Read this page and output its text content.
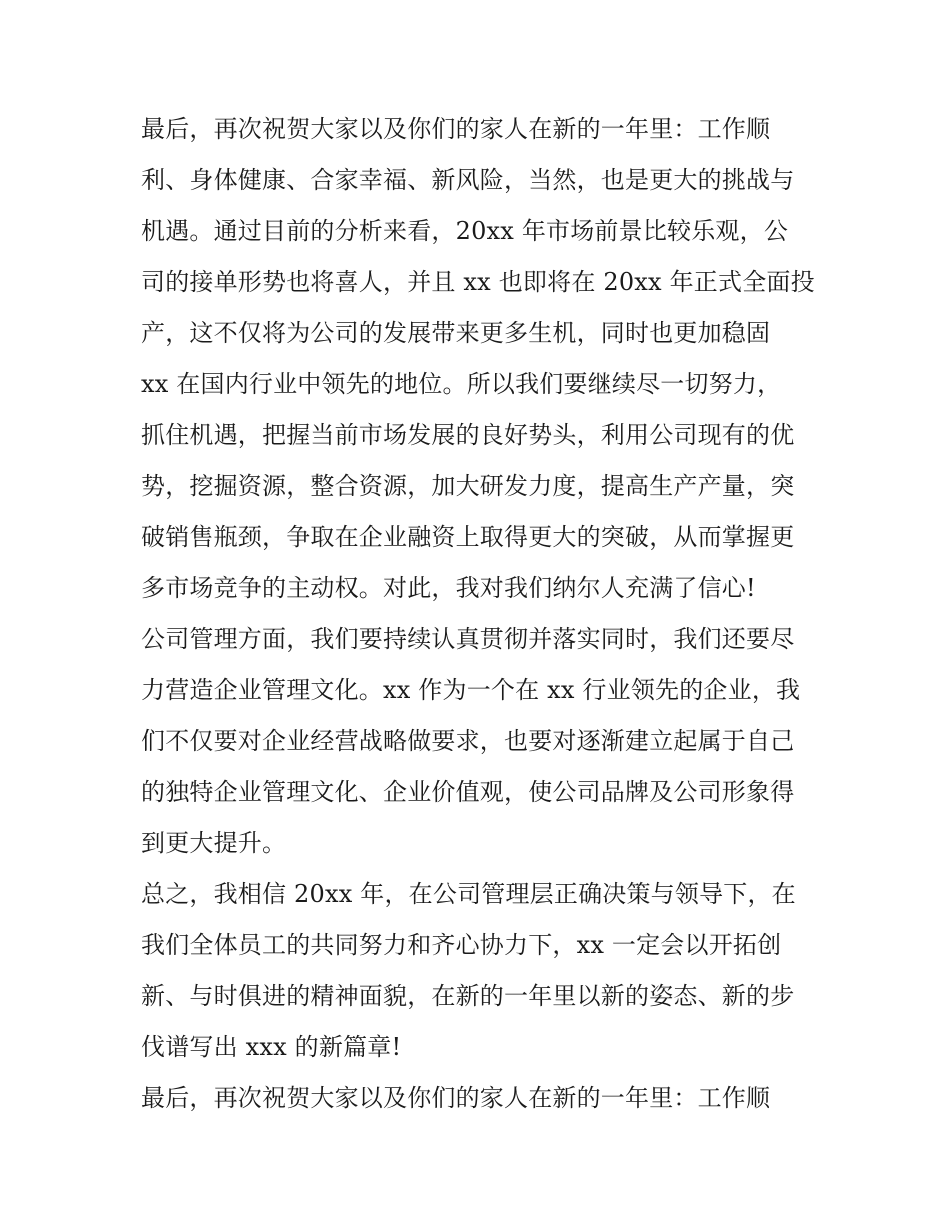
最后，再次祝贺大家以及你们的家人在新的一年里：工作顺
利、身体健康、合家幸福、新风险，当然，也是更大的挑战与
机遇。通过目前的分析来看，20xx 年市场前景比较乐观，公
司的接单形势也将喜人，并且 xx 也即将在 20xx 年正式全面投
产，这不仅将为公司的发展带来更多生机，同时也更加稳固
xx 在国内行业中领先的地位。所以我们要继续尽一切努力，
抓住机遇，把握当前市场发展的良好势头，利用公司现有的优
势，挖掘资源，整合资源，加大研发力度，提高生产产量，突
破销售瓶颈，争取在企业融资上取得更大的突破，从而掌握更
多市场竞争的主动权。对此，我对我们纳尔人充满了信心!
公司管理方面，我们要持续认真贯彻并落实同时，我们还要尽
力营造企业管理文化。xx 作为一个在 xx 行业领先的企业，我
们不仅要对企业经营战略做要求，也要对逐渐建立起属于自己
的独特企业管理文化、企业价值观，使公司品牌及公司形象得
到更大提升。
总之，我相信 20xx 年，在公司管理层正确决策与领导下，在
我们全体员工的共同努力和齐心协力下，xx 一定会以开拓创
新、与时俱进的精神面貌，在新的一年里以新的姿态、新的步
伐谱写出 xxx 的新篇章!
最后，再次祝贺大家以及你们的家人在新的一年里：工作顺
